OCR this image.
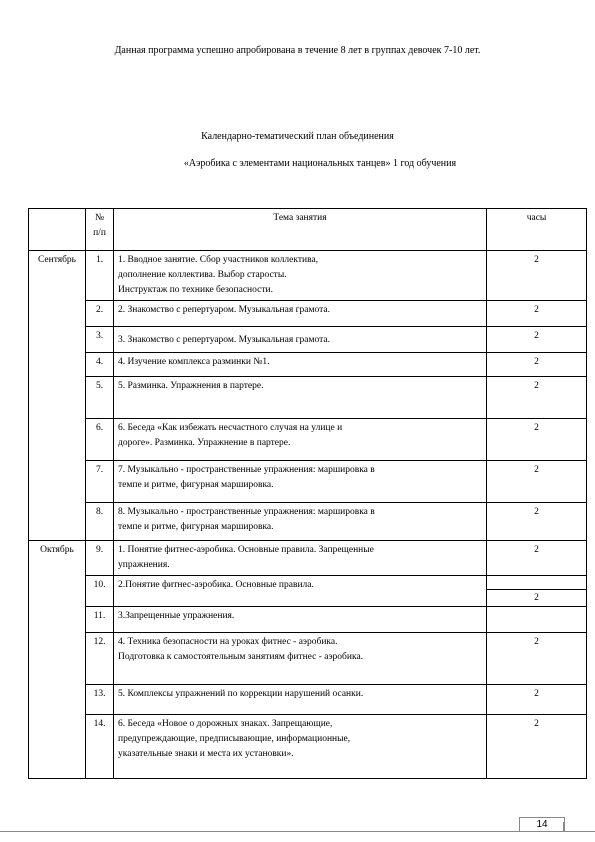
Данная программа успешно апробирована в течение 8 лет в группах девочек 7-10 лет.
Календарно-тематический план объединения
«Аэробика с элементами национальных танцев» 1 год обучения
	№
п/п	Тема занятия	часы
Сентябрь	1.	1. Вводное занятие. Сбор участников коллектива,
дополнение коллектива. Выбор старосты.
Инструктаж по технике безопасности.	2
	2.	2. Знакомство с репертуаром. Музыкальная грамота.	2
	3.	3. Знакомство с репертуаром. Музыкальная грамота.	2
	4.	4. Изучение комплекса разминки №1.	2
	5.	5. Разминка. Упражнения в партере.	2
	6.	6. Беседа «Как избежать несчастного случая на улице и
дороге». Разминка. Упражнение в партере.	2
	7.	7. Музыкально - пространственные упражнения: маршировка в
темпе и ритме, фигурная маршировка.	2
	8.	8. Музыкально - пространственные упражнения: маршировка в
темпе и ритме, фигурная маршировка.	2
Октябрь	9.	1. Понятие фитнес-аэробика. Основные правила. Запрещенные
упражнения.	2
	10.	2.Понятие фитнес-аэробика. Основные правила.	2

	11.	3.Запрещенные упражнения.	
	12.	4. Техника безопасности на уроках фитнес - аэробика.
Подготовка к самостоятельным занятиям фитнес - аэробика.	2
	13.	5. Комплексы упражнений по коррекции нарушений осанки.	2
	14.	6. Беседа «Новое о дорожных знаках. Запрещающие,
предупреждающие, предписывающие, информационные,
указательные знаки и места их установки».	2
14
